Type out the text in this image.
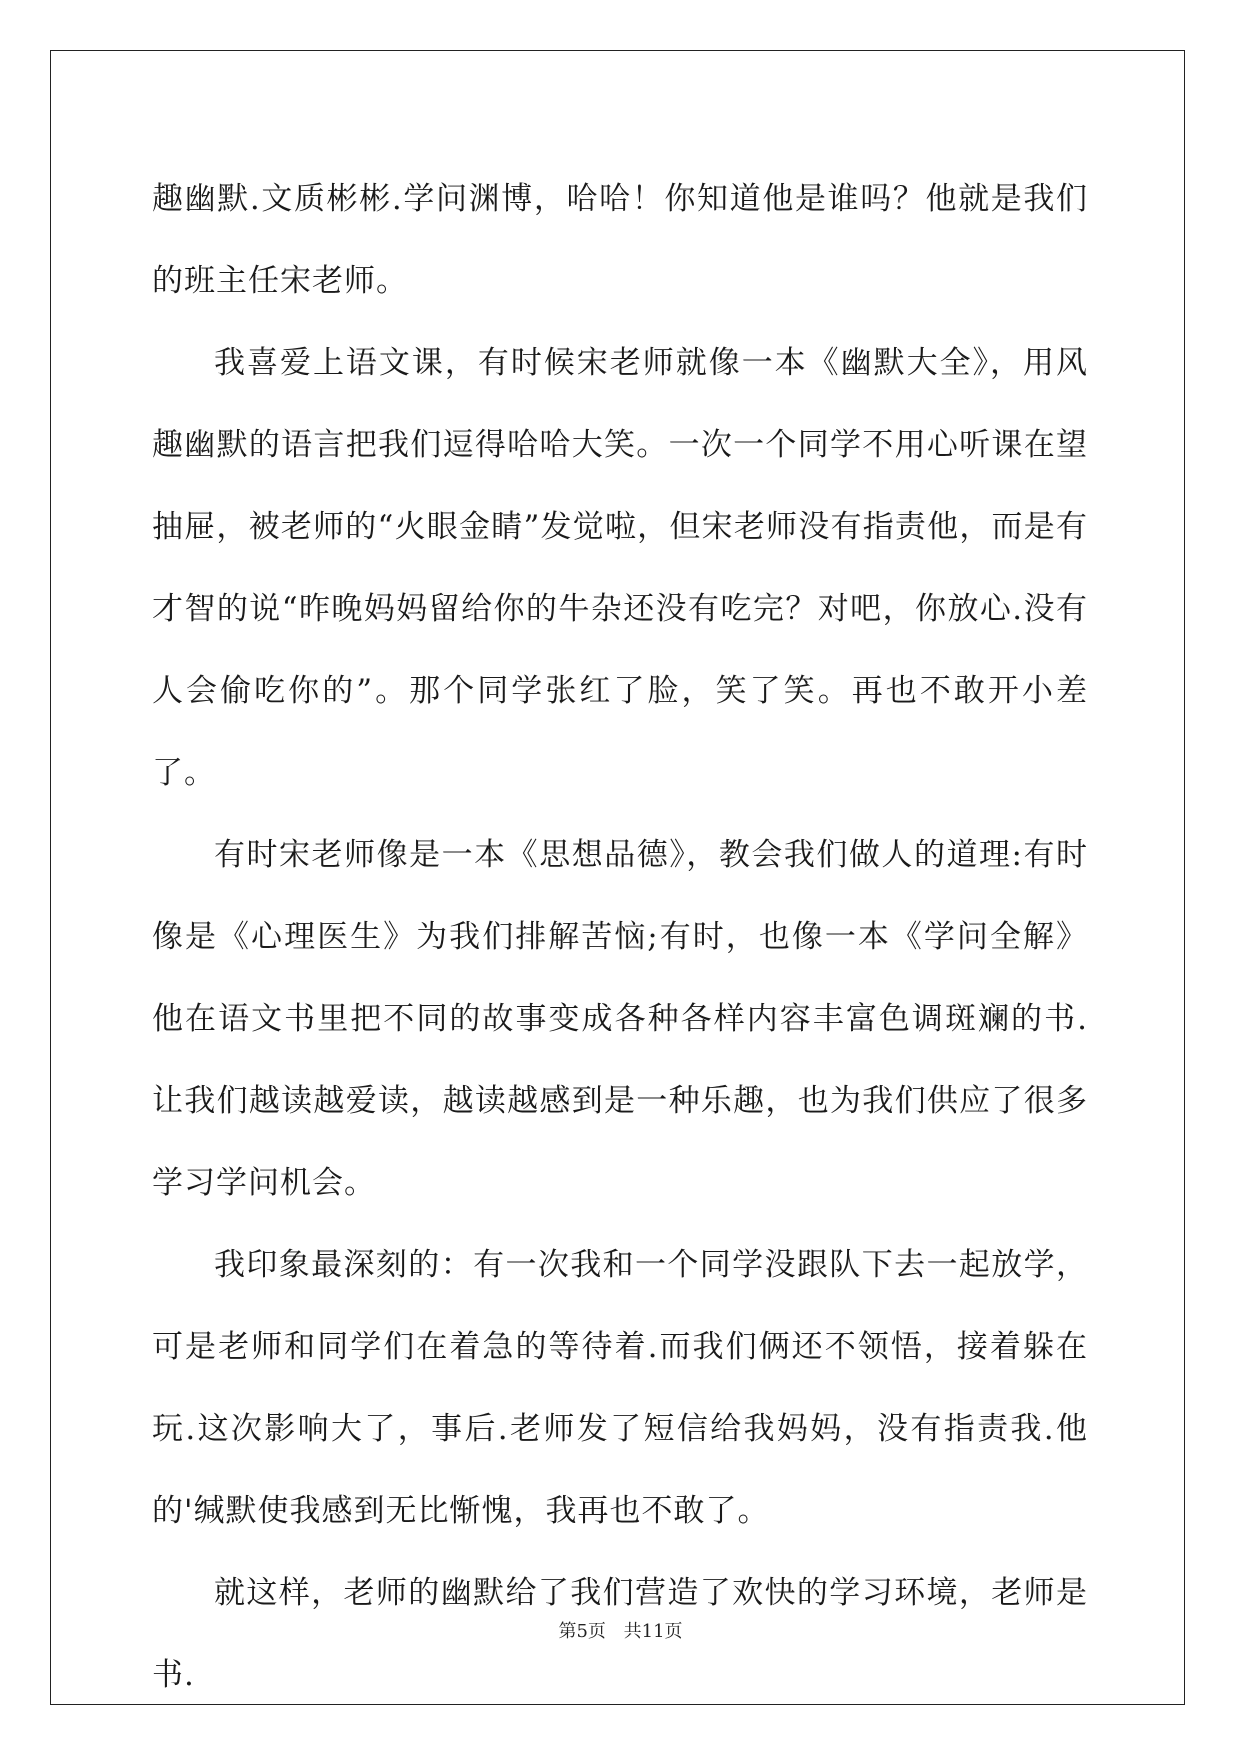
趣幽默.文质彬彬.学问渊博，哈哈！你知道他是谁吗？他就是我们的班主任宋老师。

我喜爱上语文课，有时候宋老师就像一本《幽默大全》，用风趣幽默的语言把我们逗得哈哈大笑。一次一个同学不用心听课在望抽屉，被老师的“火眼金睛”发觉啦，但宋老师没有指责他，而是有才智的说“昨晚妈妈留给你的牛杂还没有吃完？对吧，你放心.没有人会偷吃你的”。那个同学张红了脸，笑了笑。再也不敢开小差了。

有时宋老师像是一本《思想品德》，教会我们做人的道理:有时像是《心理医生》为我们排解苦恼;有时，也像一本《学问全解》他在语文书里把不同的故事变成各种各样内容丰富色调斑斓的书.让我们越读越爱读，越读越感到是一种乐趣，也为我们供应了很多学习学问机会。

我印象最深刻的：有一次我和一个同学没跟队下去一起放学，可是老师和同学们在着急的等待着.而我们俩还不领悟，接着躲在玩.这次影响大了，事后.老师发了短信给我妈妈，没有指责我.他的'缄默使我感到无比惭愧，我再也不敢了。

就这样，老师的幽默给了我们营造了欢快的学习环境，老师是书.

第5页 共11页
